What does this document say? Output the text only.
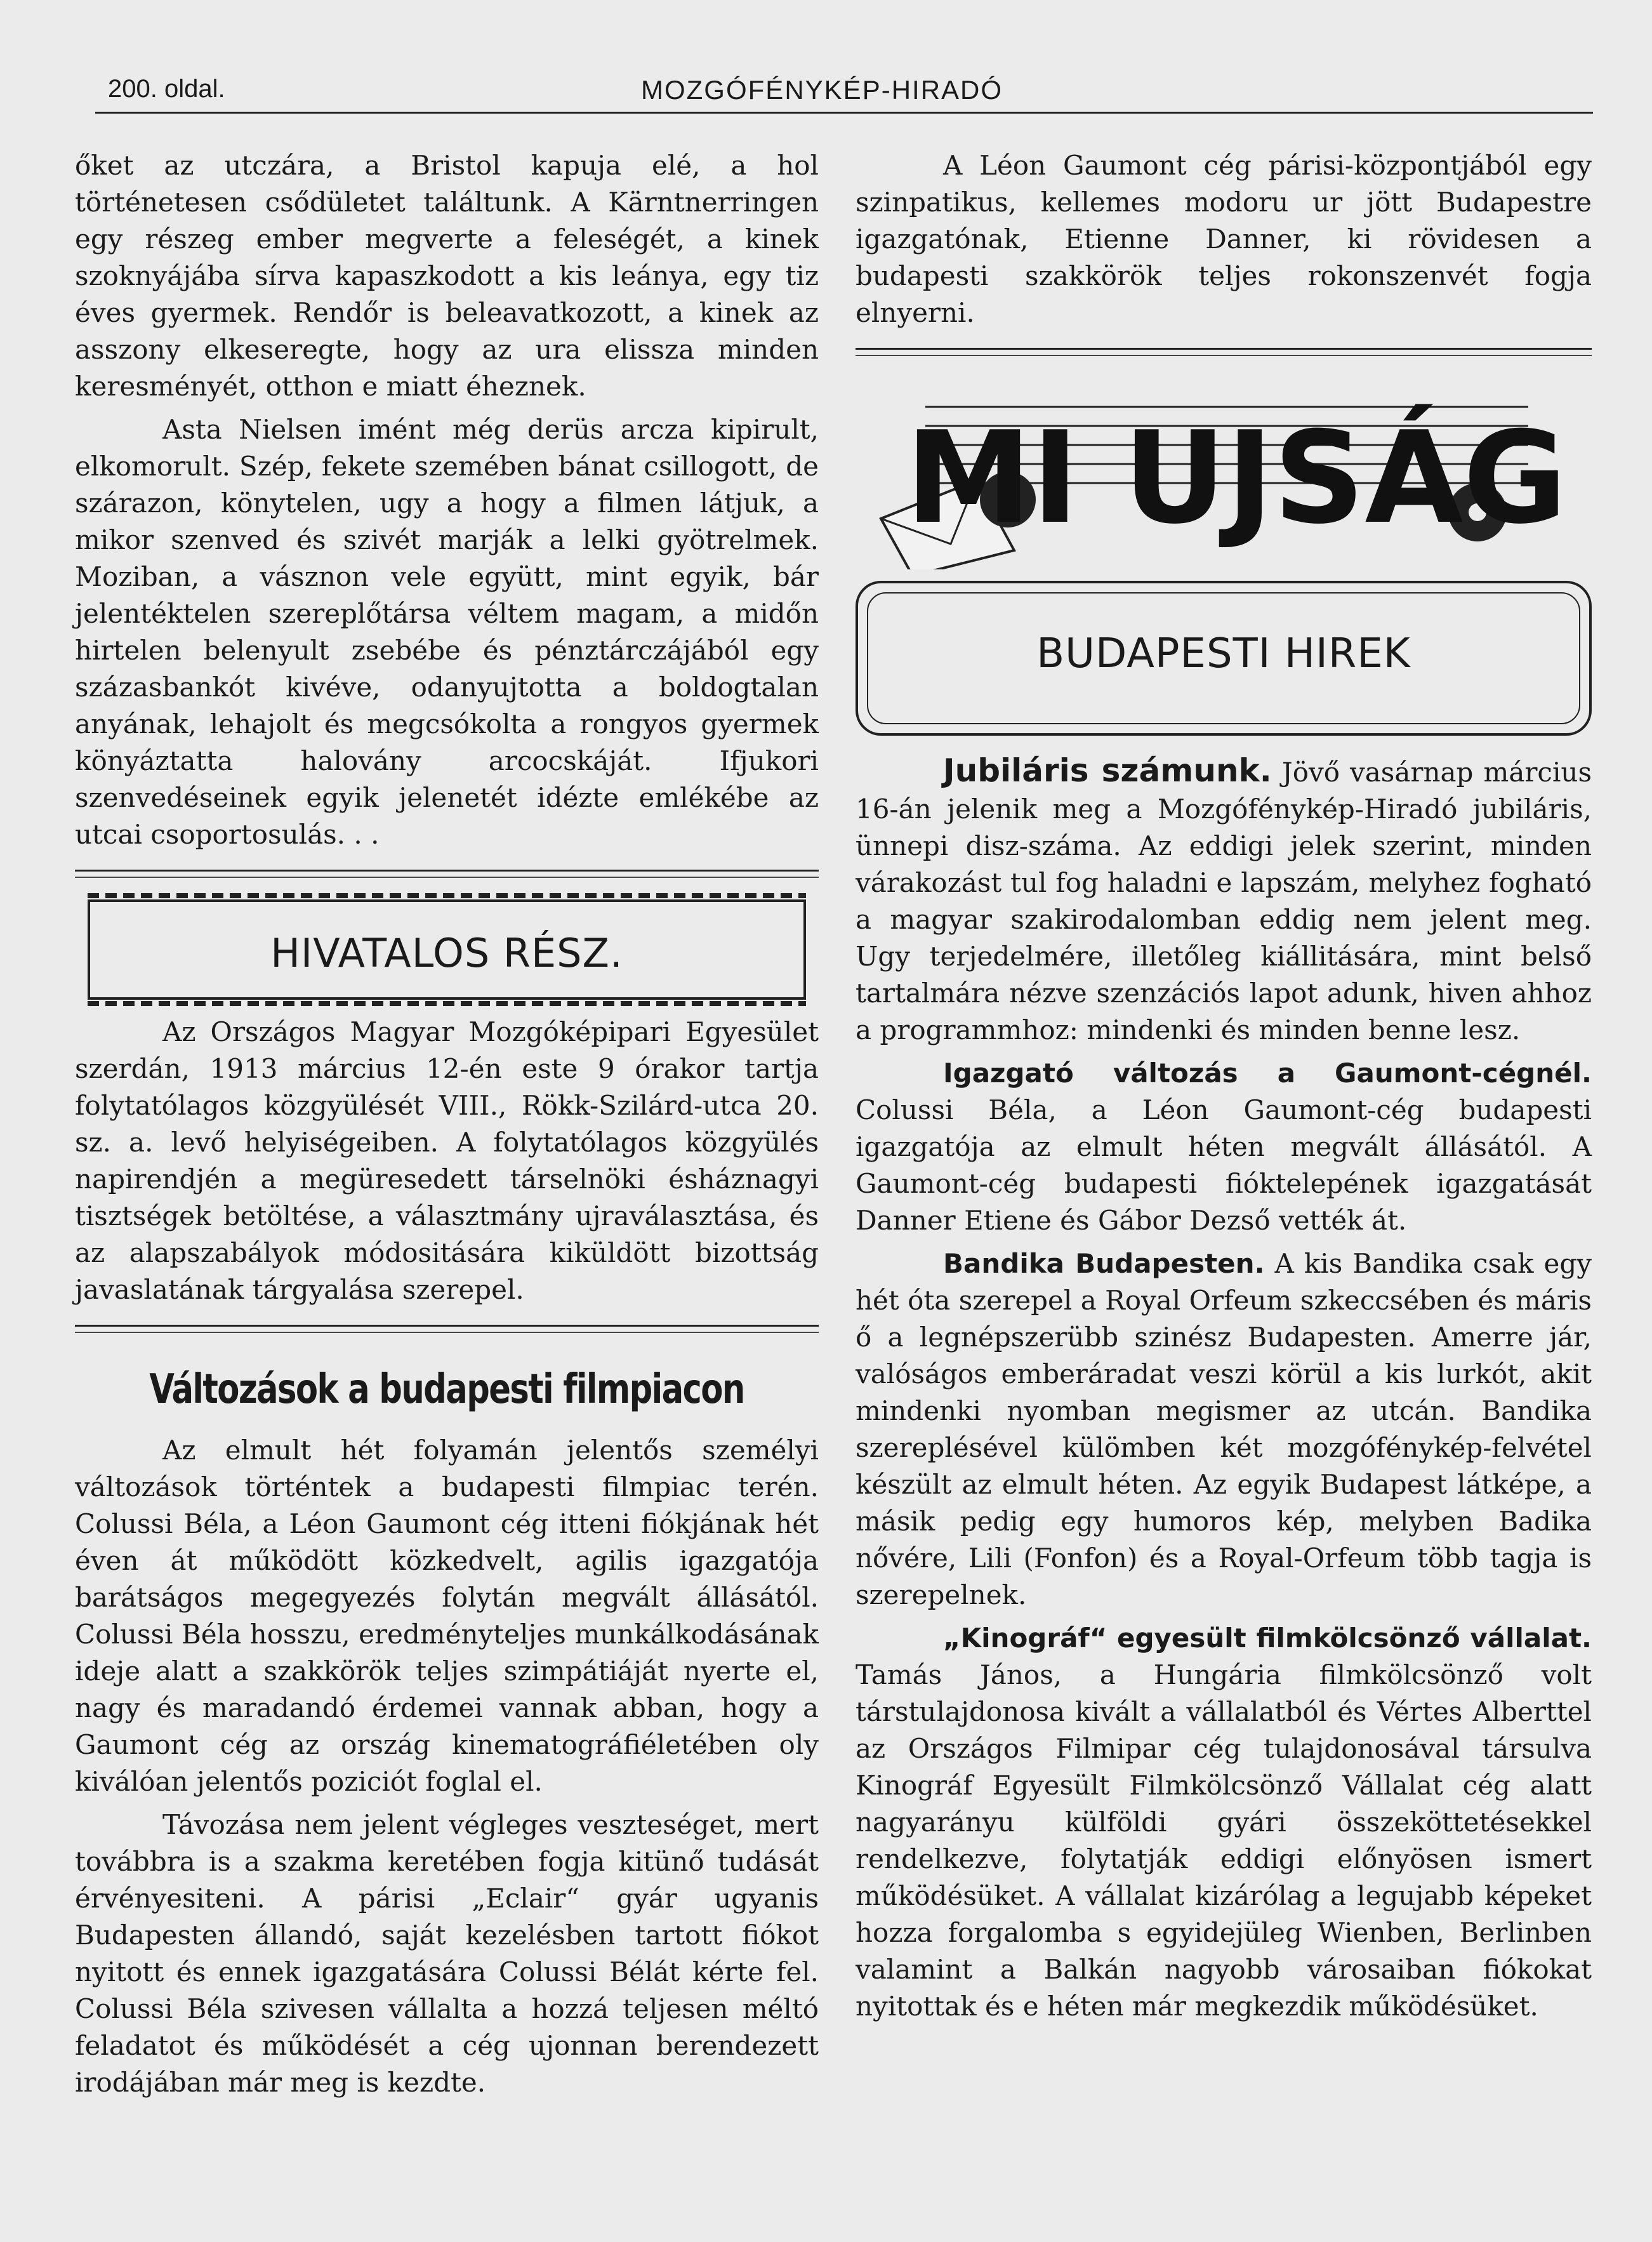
200. oldal.	MOZGÓFÉNYKÉP-HIRADÓ

őket az utczára, a Bristol kapuja elé, a hol történetesen csődületet találtunk. A Kärntnerringen egy részeg ember megverte a feleségét, a kinek szoknyájába sírva kapaszkodott a kis leánya, egy tiz éves gyermek. Rendőr is beleavatkozott, a kinek az asszony elkeseregte, hogy az ura elissza minden keresményét, otthon e miatt éheznek.

Asta Nielsen imént még derüs arcza kipirult, elkomorult. Szép, fekete szemében bánat csillogott, de szárazon, könytelen, ugy a hogy a filmen látjuk, a mikor szenved és szivét marják a lelki gyötrelmek. Moziban, a vásznon vele együtt, mint egyik, bár jelentéktelen szereplőtársa véltem magam, a midőn hirtelen belenyult zsebébe és pénztárczájából egy százasbankót kivéve, odanyujtotta a boldogtalan anyának, lehajolt és megcsókolta a rongyos gyermek könyáztatta halovány arcocskáját. Ifjukori szenvedéseinek egyik jelenetét idézte emlékébe az utcai csoportosulás. . .

HIVATALOS RÉSZ.

Az Országos Magyar Mozgóképipari Egyesület szerdán, 1913 március 12-én este 9 órakor tartja folytatólagos közgyülését VIII., Rökk-Szilárd-utca 20. sz. a. levő helyiségeiben. A folytatólagos közgyülés napirendjén a megüresedett társelnöki ésháznagyi tisztségek betöltése, a választmány ujraválasztása, és az alapszabályok módositására kiküldött bizottság javaslatának tárgyalása szerepel.

Változások a budapesti filmpiacon

Az elmult hét folyamán jelentős személyi változások történtek a budapesti filmpiac terén. Colussi Béla, a Léon Gaumont cég itteni fiókjának hét éven át működött közkedvelt, agilis igazgatója barátságos megegyezés folytán megvált állásától. Colussi Béla hosszu, eredményteljes munkálkodásának ideje alatt a szakkörök teljes szimpátiáját nyerte el, nagy és maradandó érdemei vannak abban, hogy a Gaumont cég az ország kinematográfiéletében oly kiválóan jelentős poziciót foglal el.

Távozása nem jelent végleges veszteséget, mert továbbra is a szakma keretében fogja kitünő tudását érvényesiteni. A párisi „Eclair“ gyár ugyanis Budapesten állandó, saját kezelésben tartott fiókot nyitott és ennek igazgatására Colussi Bélát kérte fel. Colussi Béla szivesen vállalta a hozzá teljesen méltó feladatot és működését a cég ujonnan berendezett irodájában már meg is kezdte.

A Léon Gaumont cég párisi-központjából egy szinpatikus, kellemes modoru ur jött Budapestre igazgatónak, Etienne Danner, ki rövidesen a budapesti szakkörök teljes rokonszenvét fogja elnyerni.

MI UJSÁG
BUDAPESTI HIREK

Jubiláris számunk. Jövő vasárnap március 16-án jelenik meg a Mozgófénykép-Hiradó jubiláris, ünnepi disz-száma. Az eddigi jelek szerint, minden várakozást tul fog haladni e lapszám, melyhez fogható a magyar szakirodalomban eddig nem jelent meg. Ugy terjedelmére, illetőleg kiállitására, mint belső tartalmára nézve szenzációs lapot adunk, hiven ahhoz a programmhoz: mindenki és minden benne lesz.

Igazgató változás a Gaumont-cégnél. Colussi Béla, a Léon Gaumont-cég budapesti igazgatója az elmult héten megvált állásától. A Gaumont-cég budapesti fióktelepének igazgatását Danner Etiene és Gábor Dezső vették át.

Bandika Budapesten. A kis Bandika csak egy hét óta szerepel a Royal Orfeum szkeccsében és máris ő a legnépszerübb szinész Budapesten. Amerre jár, valóságos emberáradat veszi körül a kis lurkót, akit mindenki nyomban megismer az utcán. Bandika szereplésével külömben két mozgófénykép-felvétel készült az elmult héten. Az egyik Budapest látképe, a másik pedig egy humoros kép, melyben Badika nővére, Lili (Fonfon) és a Royal-Orfeum több tagja is szerepelnek.

„Kinográf“ egyesült filmkölcsönző vállalat. Tamás János, a Hungária filmkölcsönző volt társtulajdonosa kivált a vállalatból és Vértes Alberttel az Országos Filmipar cég tulajdonosával társulva Kinográf Egyesült Filmkölcsönző Vállalat cég alatt nagyarányu külföldi gyári összeköttetésekkel rendelkezve, folytatják eddigi előnyösen ismert működésüket. A vállalat kizárólag a legujabb képeket hozza forgalomba s egyidejüleg Wienben, Berlinben valamint a Balkán nagyobb városaiban fiókokat nyitottak és e héten már megkezdik működésüket.
